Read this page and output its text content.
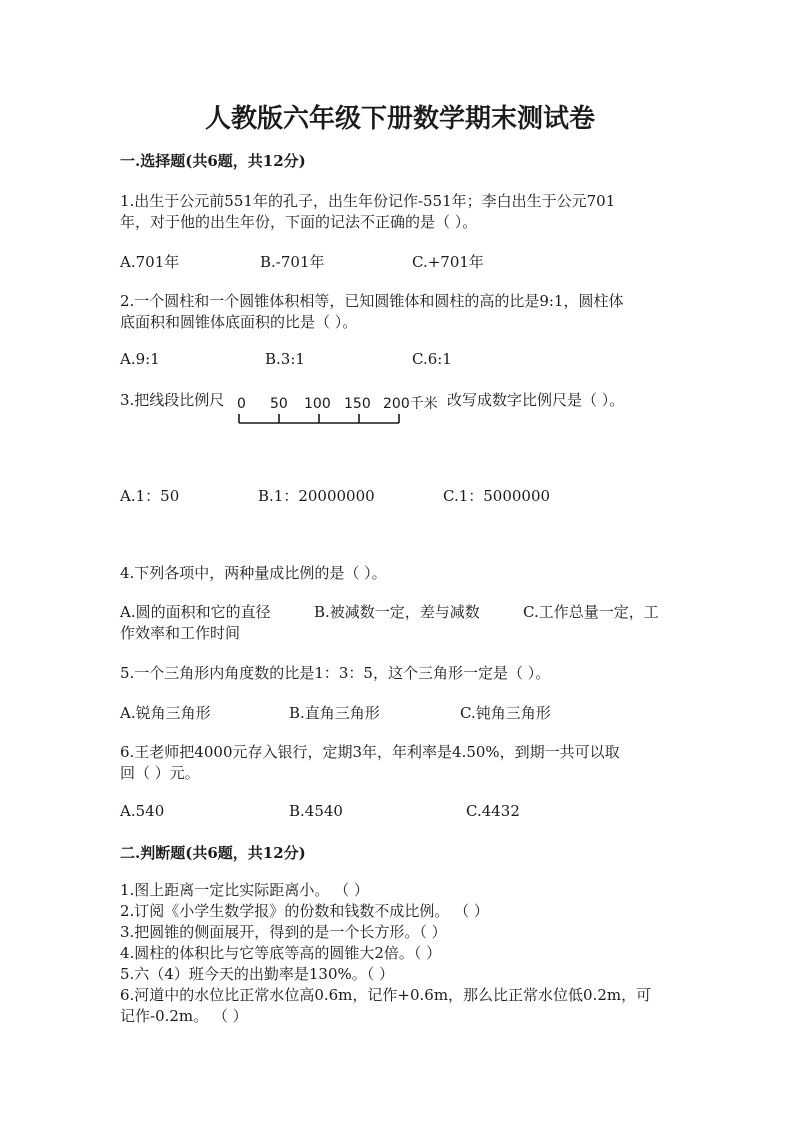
人教版六年级下册数学期末测试卷
一.选择题(共6题，共12分)
1.出生于公元前551年的孔子，出生年份记作-551年；李白出生于公元701
年，对于他的出生年份，下面的记法不正确的是（ ）。
A.701年	B.-701年	C.+701年
2.一个圆柱和一个圆锥体积相等，已知圆锥体和圆柱的高的比是9:1，圆柱体
底面积和圆锥体底面积的比是（ ）。
A.9:1	B.3:1	C.6:1
3.把线段比例尺 0 50 100 150 200千米 改写成数字比例尺是（ ）。
A.1：50	B.1：20000000	C.1：5000000
4.下列各项中，两种量成比例的是（ ）。
A.圆的面积和它的直径	B.被减数一定，差与减数	C.工作总量一定，工
作效率和工作时间
5.一个三角形内角度数的比是1：3：5，这个三角形一定是（ ）。
A.锐角三角形	B.直角三角形	C.钝角三角形
6.王老师把4000元存入银行，定期3年，年利率是4.50%，到期一共可以取
回（ ）元。
A.540	B.4540	C.4432
二.判断题(共6题，共12分)
1.图上距离一定比实际距离小。 （ ）
2.订阅《小学生数学报》的份数和钱数不成比例。 （ ）
3.把圆锥的侧面展开，得到的是一个长方形。（ ）
4.圆柱的体积比与它等底等高的圆锥大2倍。（ ）
5.六（4）班今天的出勤率是130%。（ ）
6.河道中的水位比正常水位高0.6m，记作+0.6m，那么比正常水位低0.2m，可
记作-0.2m。 （ ）
